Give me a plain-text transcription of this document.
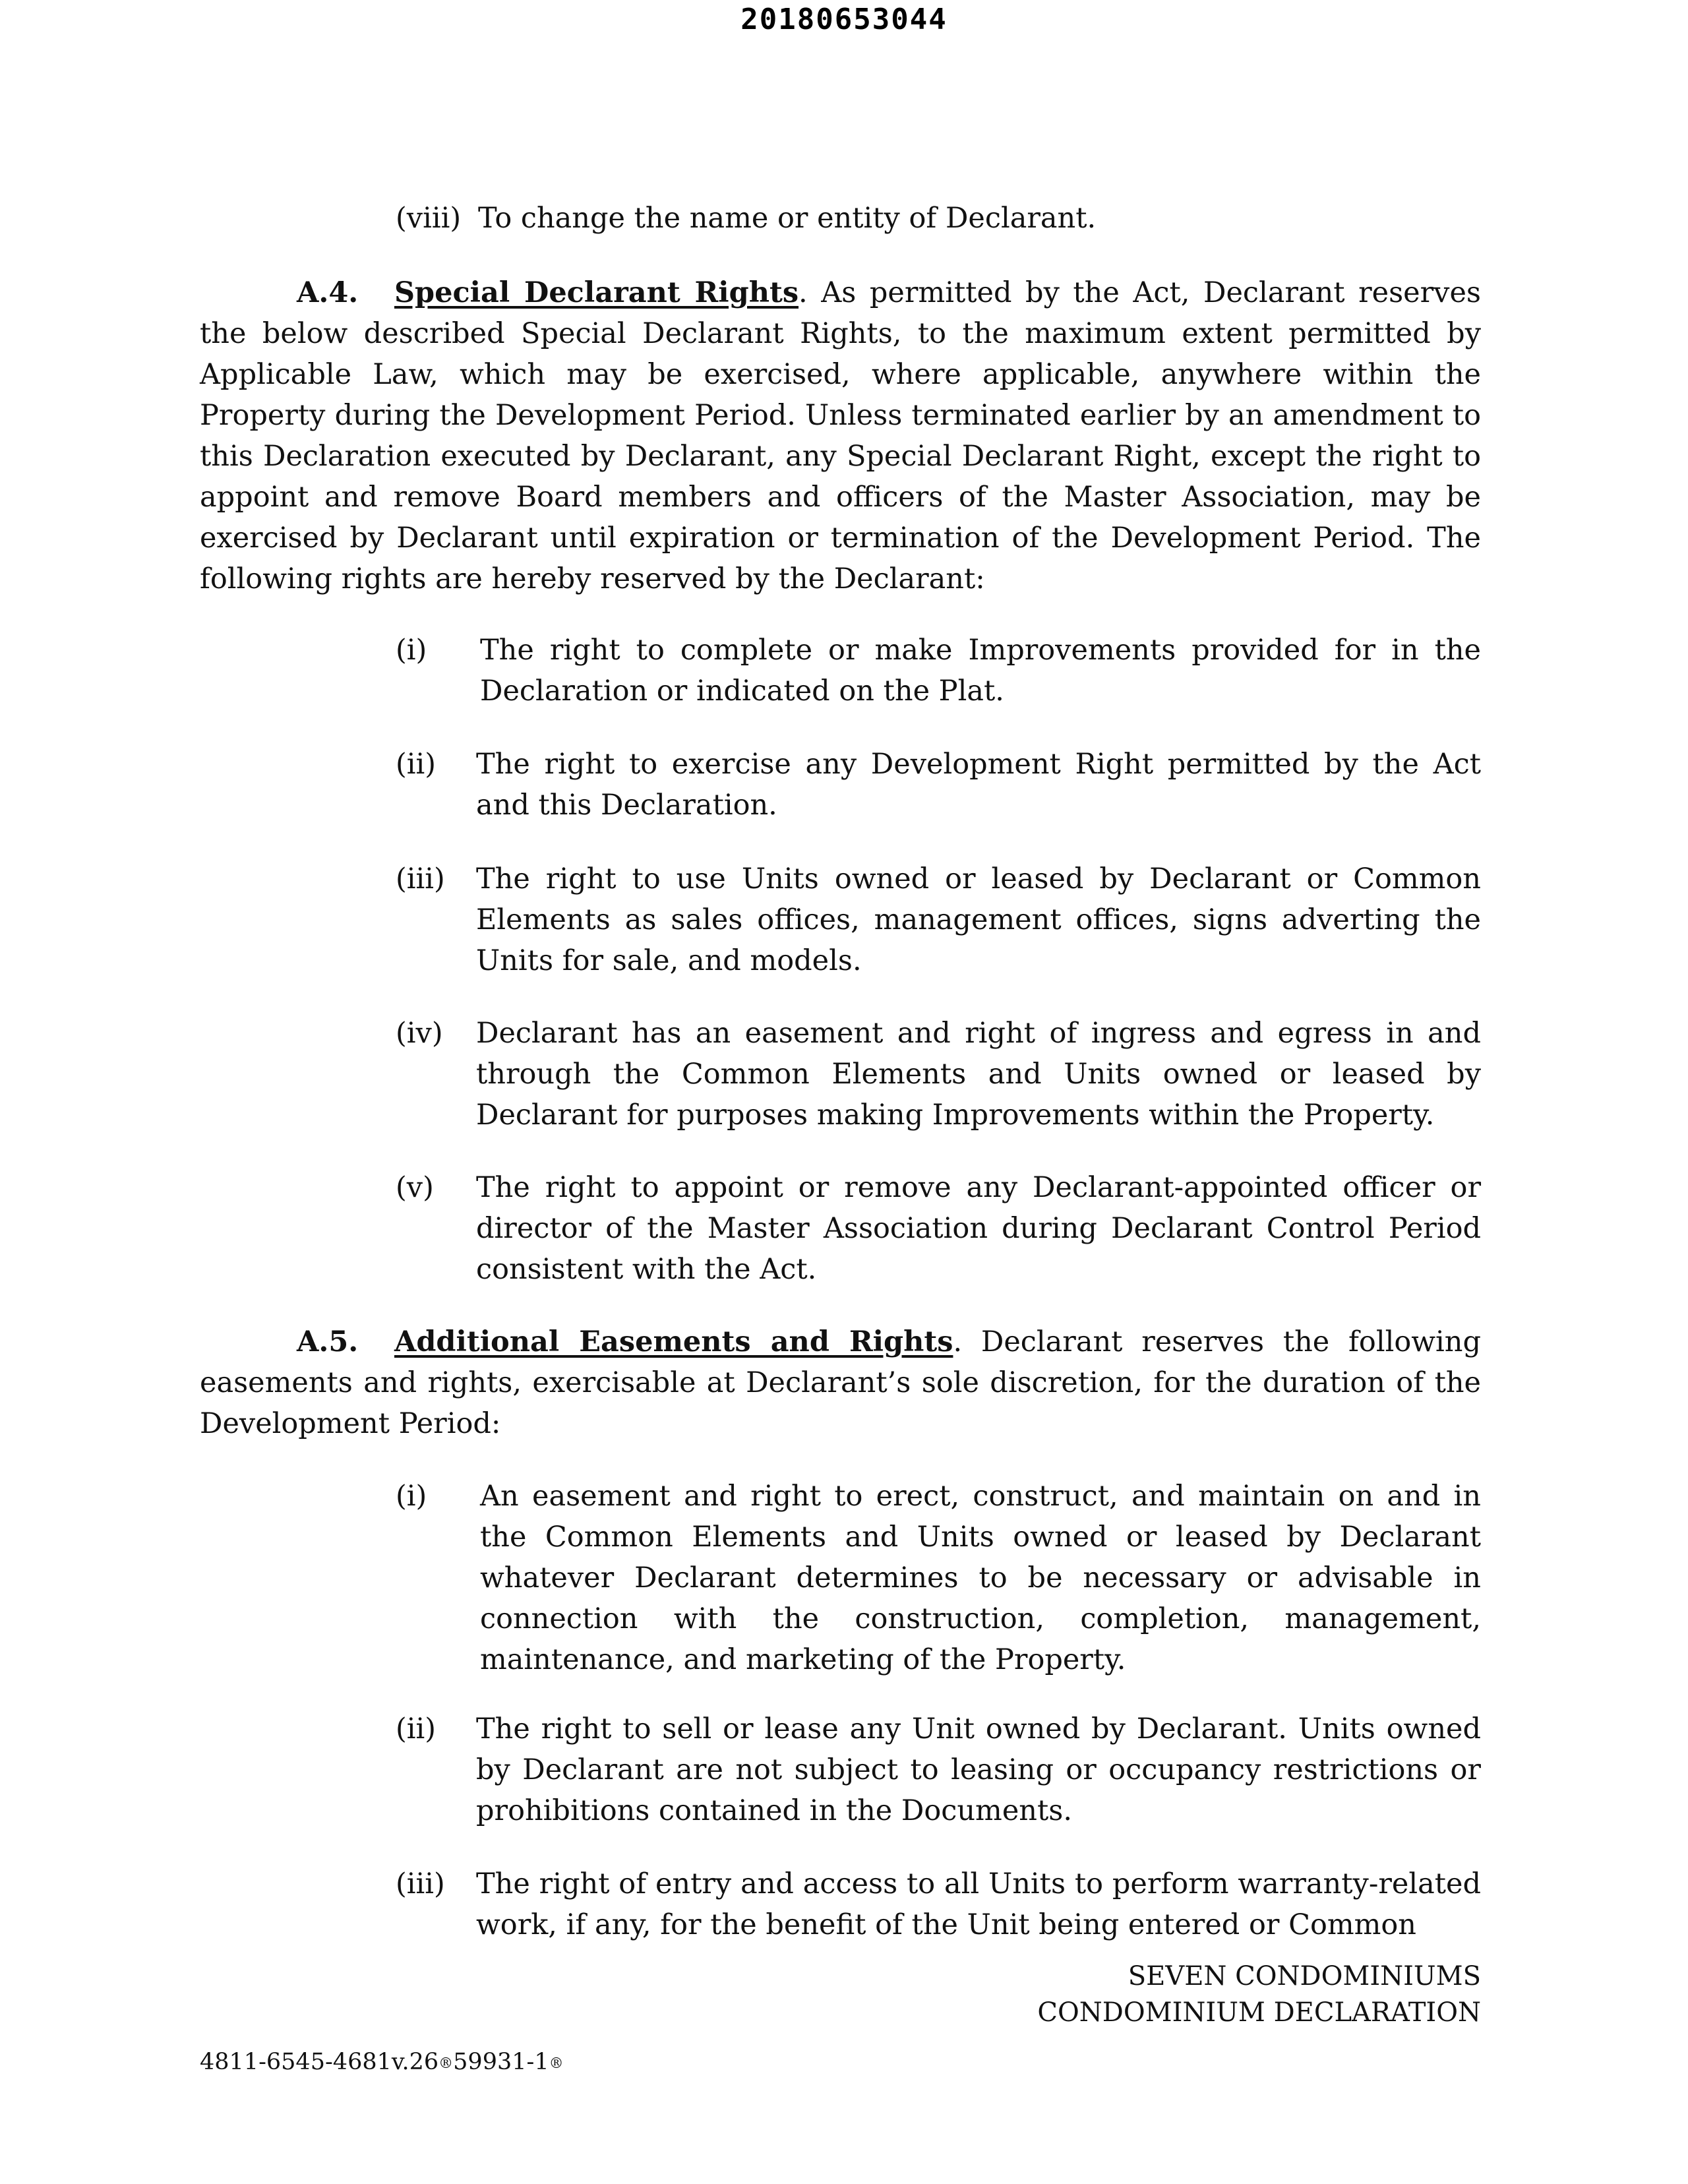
20180653044
(viii) To change the name or entity of Declarant.
A.4. Special Declarant Rights. As permitted by the Act, Declarant reserves the below described Special Declarant Rights, to the maximum extent permitted by Applicable Law, which may be exercised, where applicable, anywhere within the Property during the Development Period. Unless terminated earlier by an amendment to this Declaration executed by Declarant, any Special Declarant Right, except the right to appoint and remove Board members and officers of the Master Association, may be exercised by Declarant until expiration or termination of the Development Period. The following rights are hereby reserved by the Declarant:
(i) The right to complete or make Improvements provided for in the Declaration or indicated on the Plat.
(ii) The right to exercise any Development Right permitted by the Act and this Declaration.
(iii) The right to use Units owned or leased by Declarant or Common Elements as sales offices, management offices, signs adverting the Units for sale, and models.
(iv) Declarant has an easement and right of ingress and egress in and through the Common Elements and Units owned or leased by Declarant for purposes making Improvements within the Property.
(v) The right to appoint or remove any Declarant-appointed officer or director of the Master Association during Declarant Control Period consistent with the Act.
A.5. Additional Easements and Rights. Declarant reserves the following easements and rights, exercisable at Declarant’s sole discretion, for the duration of the Development Period:
(i) An easement and right to erect, construct, and maintain on and in the Common Elements and Units owned or leased by Declarant whatever Declarant determines to be necessary or advisable in connection with the construction, completion, management, maintenance, and marketing of the Property.
(ii) The right to sell or lease any Unit owned by Declarant. Units owned by Declarant are not subject to leasing or occupancy restrictions or prohibitions contained in the Documents.
(iii) The right of entry and access to all Units to perform warranty-related work, if any, for the benefit of the Unit being entered or Common
SEVEN CONDOMINIUMS
CONDOMINIUM DECLARATION
4811-6545-4681v.26®59931-1®
